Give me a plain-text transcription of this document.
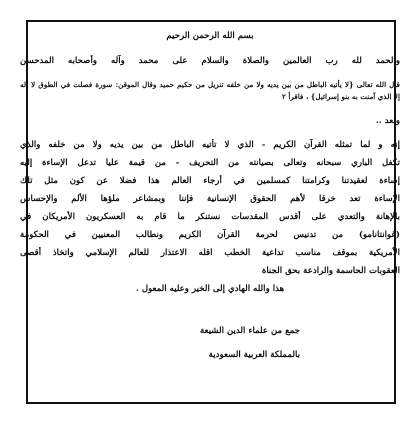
بسم الله الرحمن الرحيم
والحمد لله رب العالمين والصلاة والسلام على محمد وآله وأصحابه المدحسن
قال الله تعالى {لا يأتيه الباطل من بين يديه ولا من خلفه تنزيل من حكيم حميد وقال الموقن: سورة فصلت في الطوق لا إله
إلا الذي آمنت به بنو إسرائيل} ، فاقرأ ٢
وبعد ..
إنه و لما تمثله القرآن الكريم - الذي لا تأتيه الباطل من بين يديه ولا من خلفه والذي
تكفل الباري سبحانه وتعالى بصيانته من التحريف - من قيمة عليا تدعل الإساءة إليه
إساءة لعقيدتنا وكرامتنا كمسلمين في أرجاء العالم هذا فضلا عن كون مثل تلك
الإساءة تعد خرقا لأهم الحقوق الإنسانية فإننا وبمشاعر ملؤها الألم والإحساس
بالإهانة والتعدي على أقدس المقدسات نستنكر ما قام به العسكريون الأمريكان في
(غوانتانامو) من تدنيس لحرمة القرآن الكريم ونطالب المعنيين في الحكومة
الأمريكية بموقف مناسب تداعية الخطب اقله الاعتذار للعالم الإسلامي واتخاذ أقصى
العقوبات الحاسمة والرادعة بحق الجناة
هذا والله الهادي إلى الخير وعليه المعول .
جمع من علماء الدين الشيعة
بالمملكة العربية السعودية
